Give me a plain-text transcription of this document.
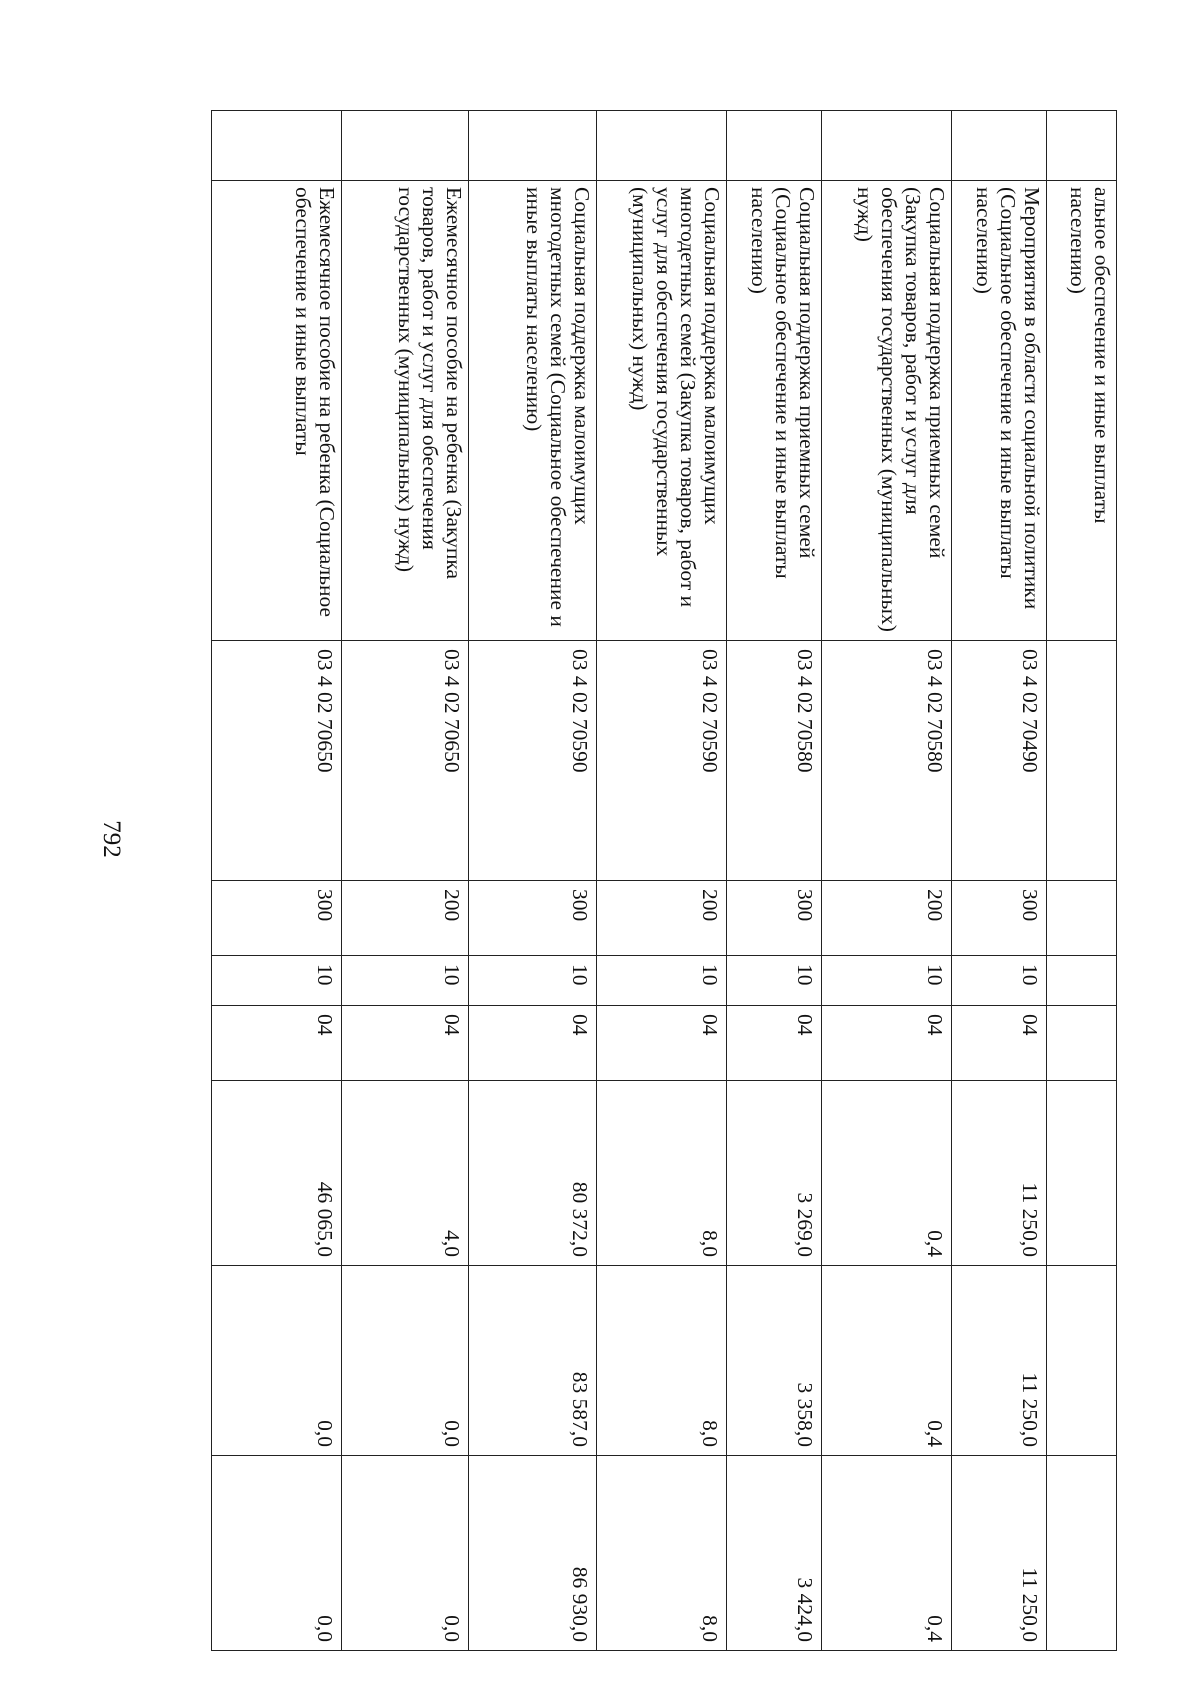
792
	альное обеспечение и иные выплаты населению)							
	Мероприятия в области социальной политики (Социальное обеспечение и иные выплаты населению)	03 4 02 70490	300	10	04	11 250,0	11 250,0	11 250,0
	Социальная поддержка приемных семей (Закупка товаров, работ и услуг для обеспечения государственных (муниципальных) нужд)	03 4 02 70580	200	10	04	0,4	0,4	0,4
	Социальная поддержка приемных семей (Социальное обеспечение и иные выплаты населению)	03 4 02 70580	300	10	04	3 269,0	3 358,0	3 424,0
	Социальная поддержка малоимущих многодетных семей (Закупка товаров, работ и услуг для обеспечения государственных (муниципальных) нужд)	03 4 02 70590	200	10	04	8,0	8,0	8,0
	Социальная поддержка малоимущих многодетных семей (Социальное обеспечение и иные выплаты населению)	03 4 02 70590	300	10	04	80 372,0	83 587,0	86 930,0
	Ежемесячное пособие на ребенка (Закупка товаров, работ и услуг для обеспечения государственных (муниципальных) нужд)	03 4 02 70650	200	10	04	4,0	0,0	0,0
	Ежемесячное пособие на ребенка (Социальное обеспечение и иные выплаты	03 4 02 70650	300	10	04	46 065,0	0,0	0,0
